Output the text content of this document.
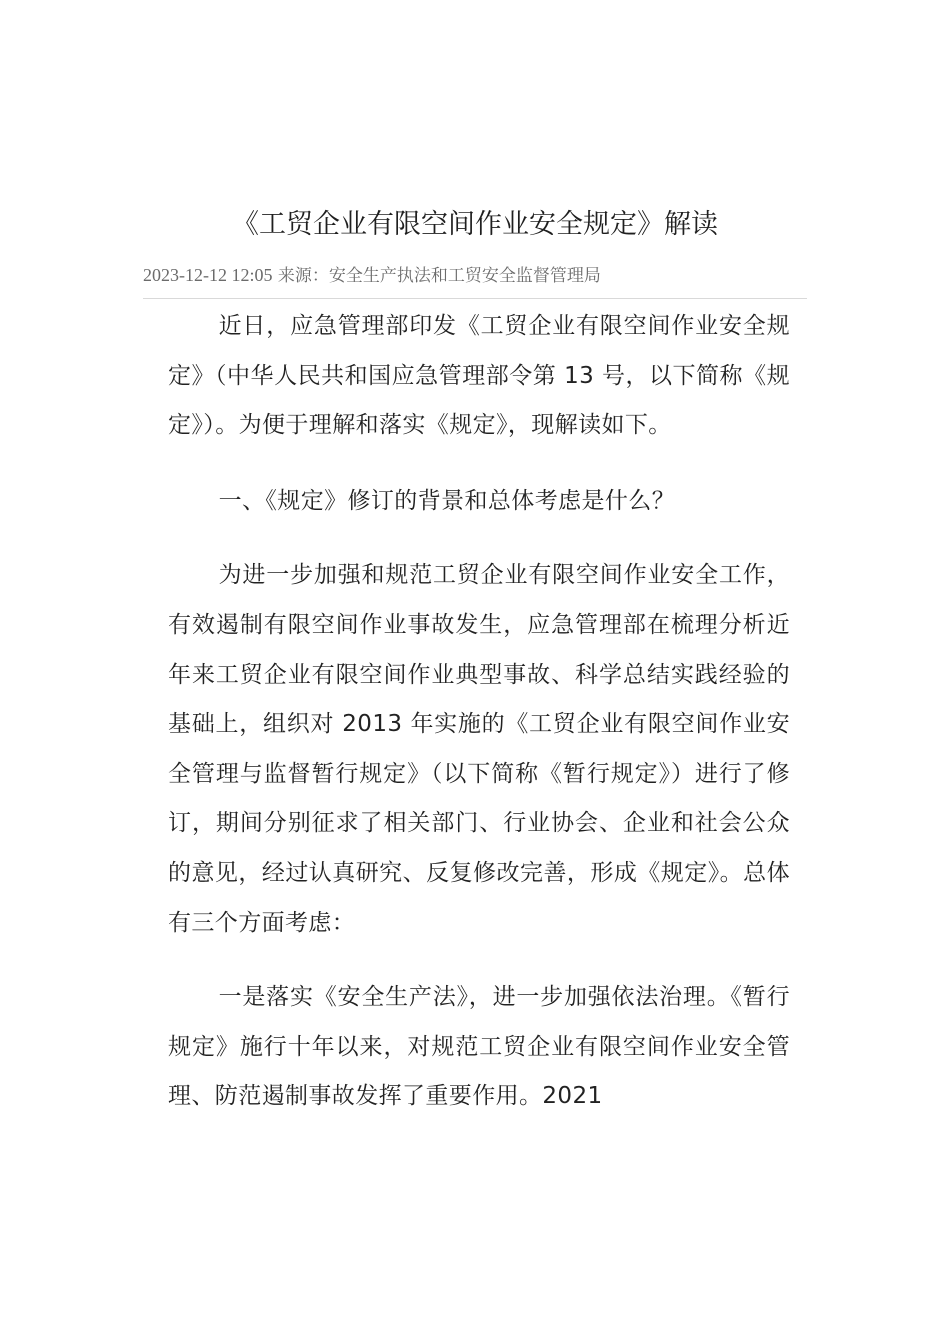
《工贸企业有限空间作业安全规定》解读
2023-12-12 12:05 来源：安全生产执法和工贸安全监督管理局

近日，应急管理部印发《工贸企业有限空间作业安全规定》（中华人民共和国应急管理部令第 13 号，以下简称《规定》）。为便于理解和落实《规定》，现解读如下。

一、《规定》修订的背景和总体考虑是什么？

为进一步加强和规范工贸企业有限空间作业安全工作，有效遏制有限空间作业事故发生，应急管理部在梳理分析近年来工贸企业有限空间作业典型事故、科学总结实践经验的基础上，组织对 2013 年实施的《工贸企业有限空间作业安全管理与监督暂行规定》（以下简称《暂行规定》）进行了修订，期间分别征求了相关部门、行业协会、企业和社会公众的意见，经过认真研究、反复修改完善，形成《规定》。总体有三个方面考虑：

一是落实《安全生产法》，进一步加强依法治理。《暂行规定》施行十年以来，对规范工贸企业有限空间作业安全管理、防范遏制事故发挥了重要作用。2021
